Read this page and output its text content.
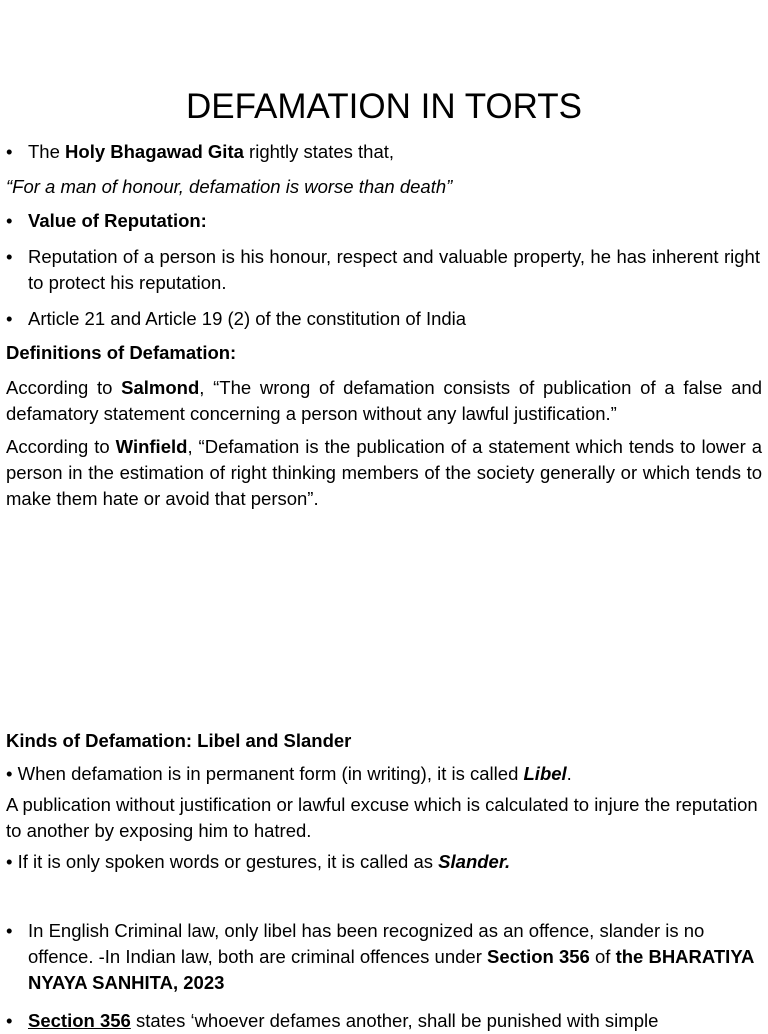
DEFAMATION IN TORTS

• The Holy Bhagawad Gita rightly states that,

“For a man of honour, defamation is worse than death”

• Value of Reputation:

• Reputation of a person is his honour, respect and valuable property, he has inherent right to protect his reputation.

• Article 21 and Article 19 (2) of the constitution of India

Definitions of Defamation:

According to Salmond, “The wrong of defamation consists of publication of a false and defamatory statement concerning a person without any lawful justification.”

According to Winfield, “Defamation is the publication of a statement which tends to lower a person in the estimation of right thinking members of the society generally or which tends to make them hate or avoid that person”.

Kinds of Defamation: Libel and Slander

• When defamation is in permanent form (in writing), it is called Libel.

A publication without justification or lawful excuse which is calculated to injure the reputation to another by exposing him to hatred.

• If it is only spoken words or gestures, it is called as Slander.

• In English Criminal law, only libel has been recognized as an offence, slander is no offence. -In Indian law, both are criminal offences under Section 356 of the BHARATIYA NYAYA SANHITA, 2023

• Section 356 states ‘whoever defames another, shall be punished with simple
